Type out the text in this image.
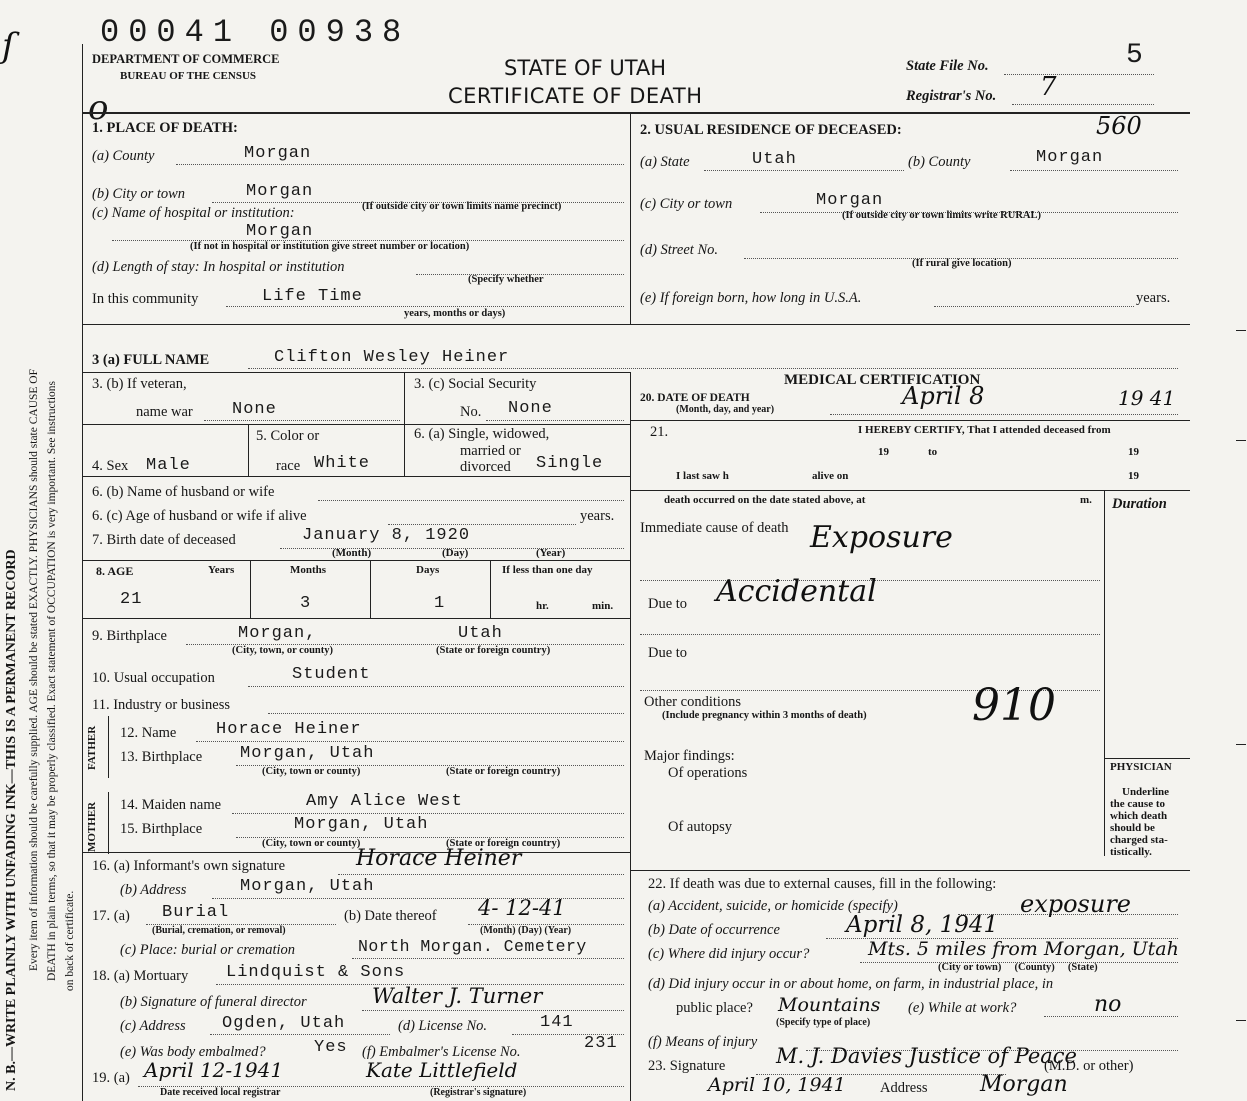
N. B.—WRITE PLAINLY WITH UNFADING INK—THIS IS A PERMANENT RECORD Every item of information should be carefully supplied. AGE should be stated EXACTLY. PHYSICIANS should state CAUSE OF DEATH in plain terms, so that it may be properly classified. Exact statement of OCCUPATION is very important. See instructions on back of certificate.
ſ	00041 00938
DEPARTMENT OF COMMERCE
BUREAU OF THE CENSUS
o
STATE OF UTAH
CERTIFICATE OF DEATH
State File No.	5
Registrar's No. 7
1. PLACE OF DEATH:
(a) County	Morgan
(b) City or town	Morgan
(c) Name of hospital or institution:	(If outside city or town limits name precinct)
Morgan
(If not in hospital or institution give street number or location)
(d) Length of stay: In hospital or institution
(Specify whether
In this community	Life Time
years, months or days)
2. USUAL RESIDENCE OF DECEASED:	560
(a) State	Utah	(b) County	Morgan
(c) City or town	Morgan
(If outside city or town limits write RURAL)
(d) Street No.
(If rural give location)
(e) If foreign born, how long in U.S.A.	years.
3 (a) FULL NAME	Clifton Wesley Heiner
3. (b) If veteran,
name war None
3. (c) Social Security
No. None
4. Sex Male
5. Color or
race White
6. (a) Single, widowed,
married or
divorced Single
6. (b) Name of husband or wife
6. (c) Age of husband or wife if alive	years.
7. Birth date of deceased	January 8, 1920
(Month)	(Day)	(Year)
8. AGE	Years	Months	Days	If less than one day
21	3	1	hr.	min.
9. Birthplace	Morgan,	Utah
(City, town, or county)	(State or foreign country)
10. Usual occupation	Student
11. Industry or business
FATHER
MOTHER
12. Name Horace Heiner
13. Birthplace Morgan, Utah
(City, town or county)	(State or foreign country)
14. Maiden name	Amy Alice West
15. Birthplace	Morgan, Utah
(City, town or county)	(State or foreign country)
16. (a) Informant's own signature	Horace Heiner
(b) Address	Morgan, Utah
17. (a) Burial
(Burial, cremation, or removal)
(b) Date thereof 4- 12-41
(Month) (Day) (Year)
(c) Place: burial or cremation	North Morgan. Cemetery
18. (a) Mortuary Lindquist & Sons
(b) Signature of funeral director	Walter J. Turner
(c) Address Ogden, Utah	(d) License No.	141
(e) Was body embalmed?	Yes (f) Embalmer's License No.	231
19. (a) April 12-1941	Kate Littlefield
Date received local registrar	(Registrar's signature)
MEDICAL CERTIFICATION
20. DATE OF DEATH
(Month, day, and year)	April 8	19 41
21.	I HEREBY CERTIFY, That I attended deceased from
19	to	19
I last saw h	alive on	19
death occurred on the date stated above, at	m. Duration
Immediate cause of death Exposure
Due to Accidental
Due to
Other conditions
(Include pregnancy within 3 months of death) 910
Major findings:
Of operations
Of autopsy
PHYSICIAN
Underline
the cause to
which death
should be
charged sta-
tistically.
22. If death was due to external causes, fill in the following:
(a) Accident, suicide, or homicide (specify)	exposure
(b) Date of occurrence	April 8, 1941
(c) Where did injury occur?	Mts. 5 miles from Morgan, Utah
(City or town)     (County)     (State)
(d) Did injury occur in or about home, on farm, in industrial place, in
public place? Mountains (e) While at work?	no
(Specify type of place)
(f) Means of injury
23. Signature M. J. Davies Justice of Peace
(M.D. or other)
April 10, 1941 Address Morgan
